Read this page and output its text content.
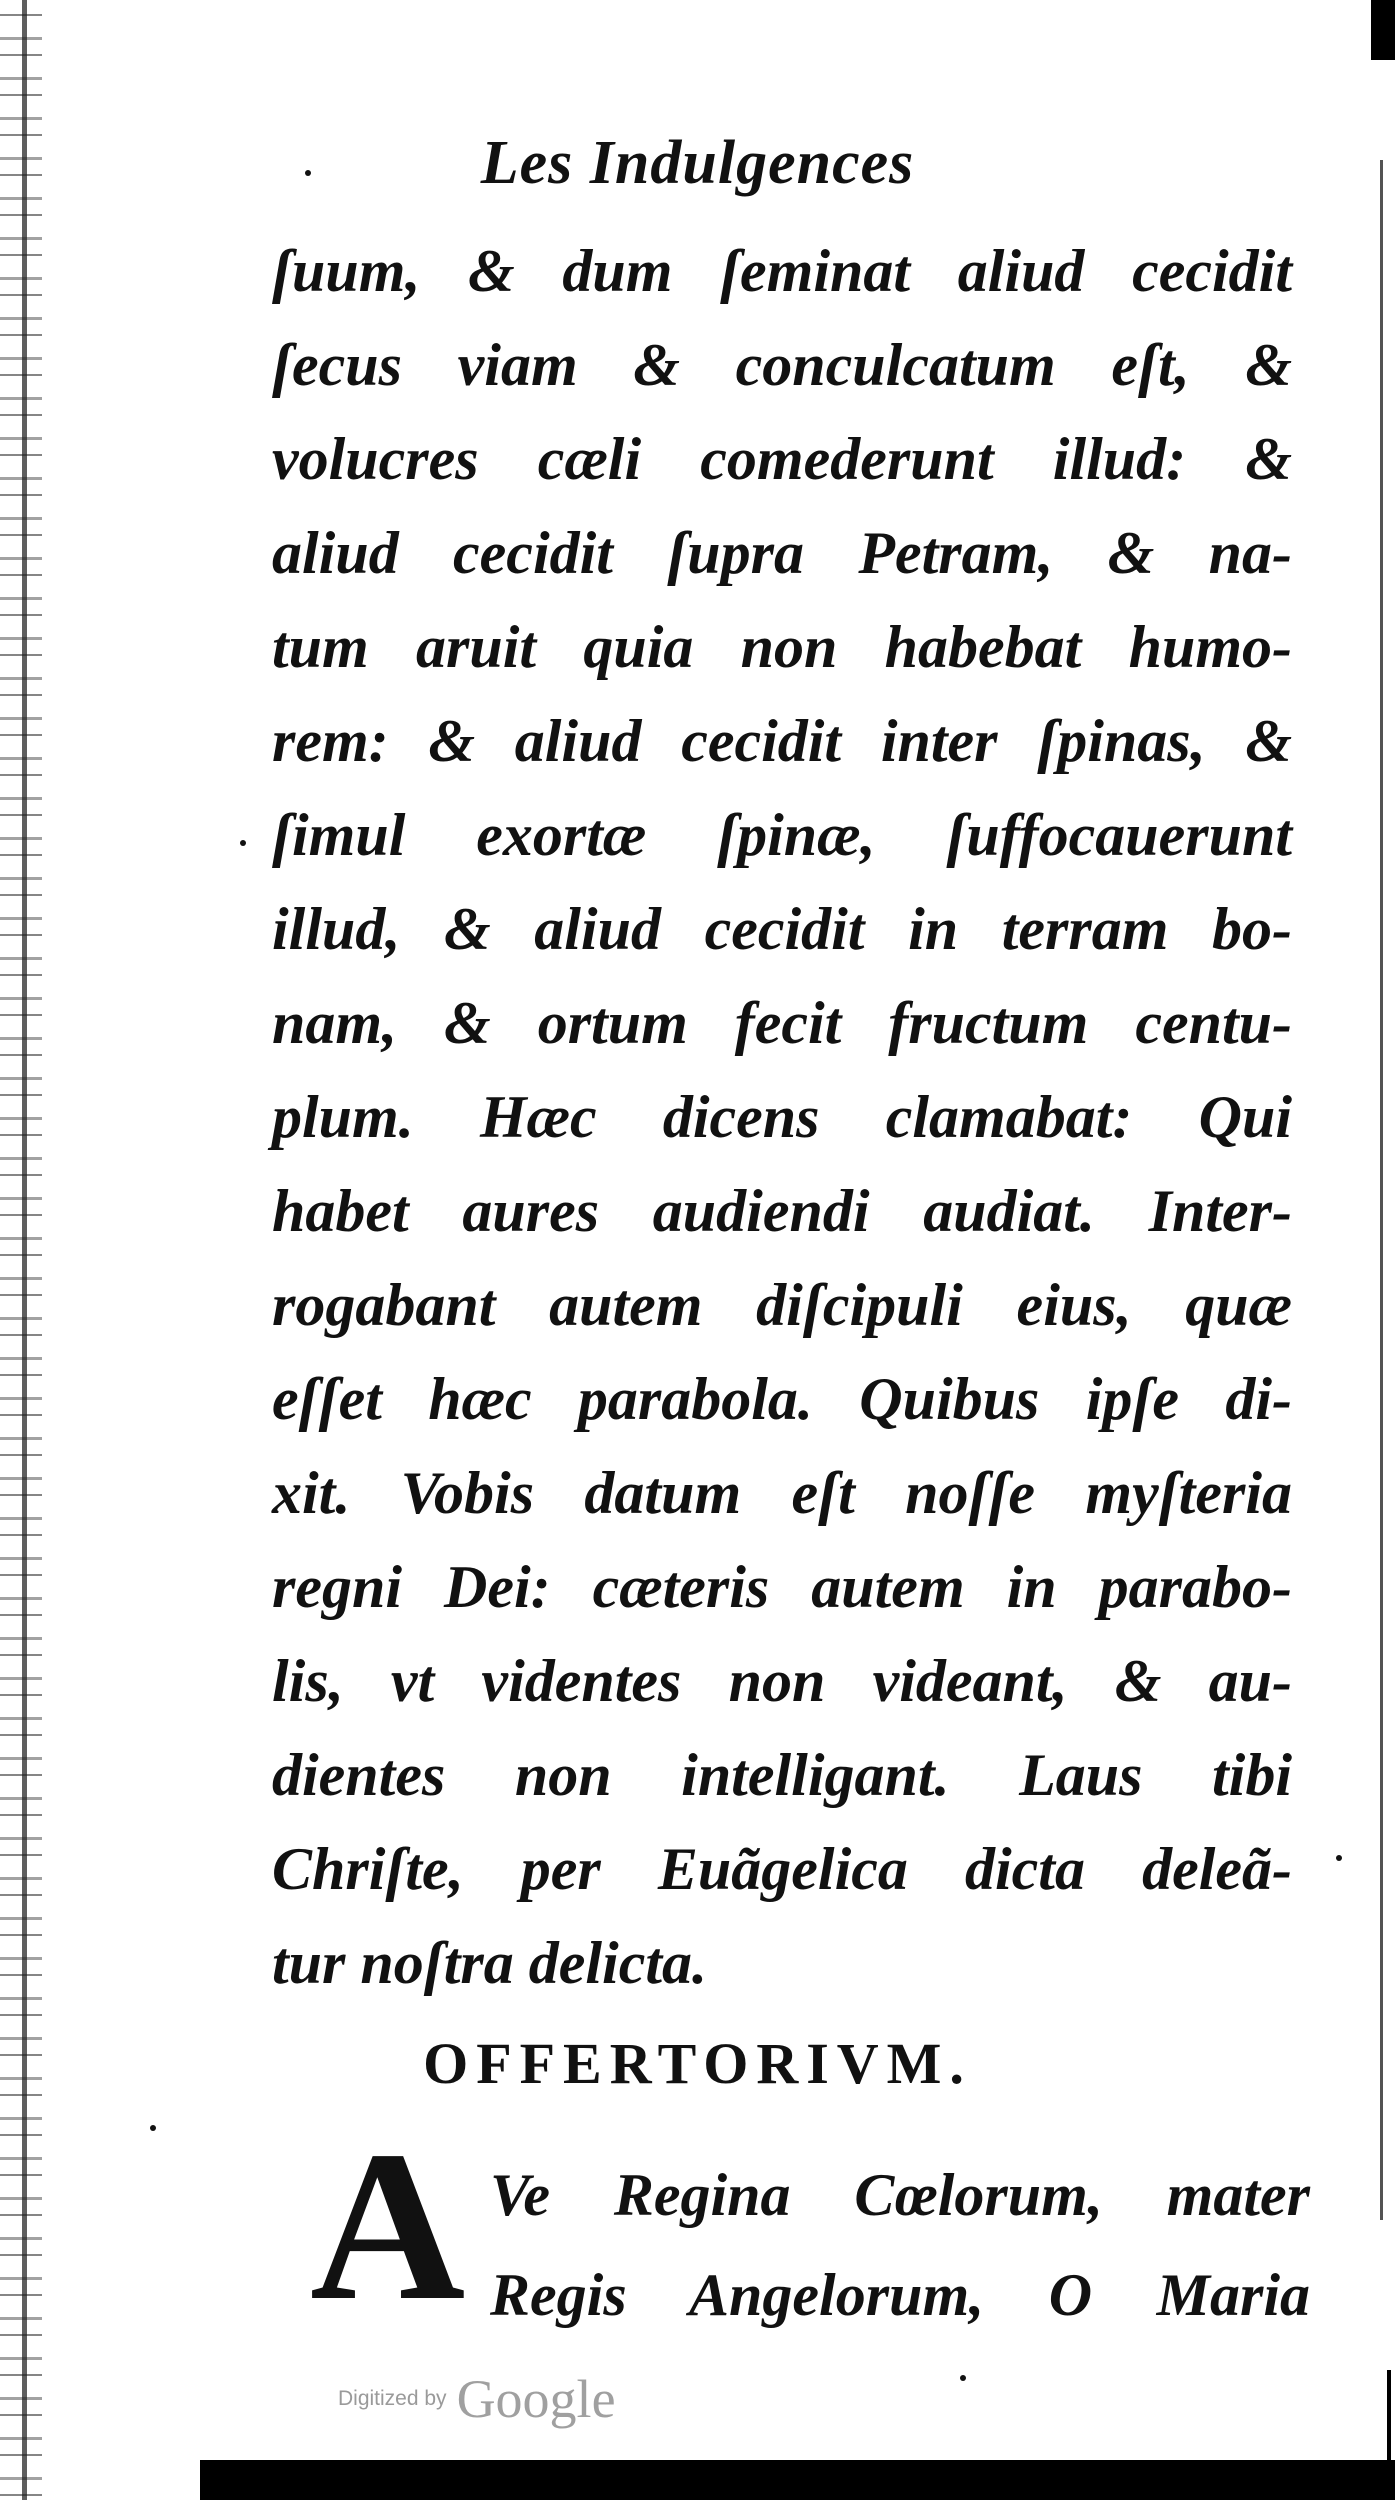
Les Indulgences
ſuum, & dum ſeminat aliud cecidit
ſecus viam & conculcatum eſt, &
volucres cæli comederunt illud: &
aliud cecidit ſupra Petram, & na-
tum aruit quia non habebat humo-
rem: & aliud cecidit inter ſpinas, &
ſimul exortæ ſpinæ, ſuffocauerunt
illud, & aliud cecidit in terram bo-
nam, & ortum fecit fructum centu-
plum. Hæc dicens clamabat: Qui
habet aures audiendi audiat. Inter-
rogabant autem diſcipuli eius, quæ
eſſet hæc parabola. Quibus ipſe di-
xit. Vobis datum eſt noſſe myſteria
regni Dei: cæteris autem in parabo-
lis, vt videntes non videant, & au-
dientes non intelligant. Laus tibi
Chriſte, per Euãgelica dicta deleã-
tur noſtra delicta.
OFFERTORIVM.
A Ve Regina Cœlorum, mater
Regis Angelorum, O Maria
Digitized by Google
